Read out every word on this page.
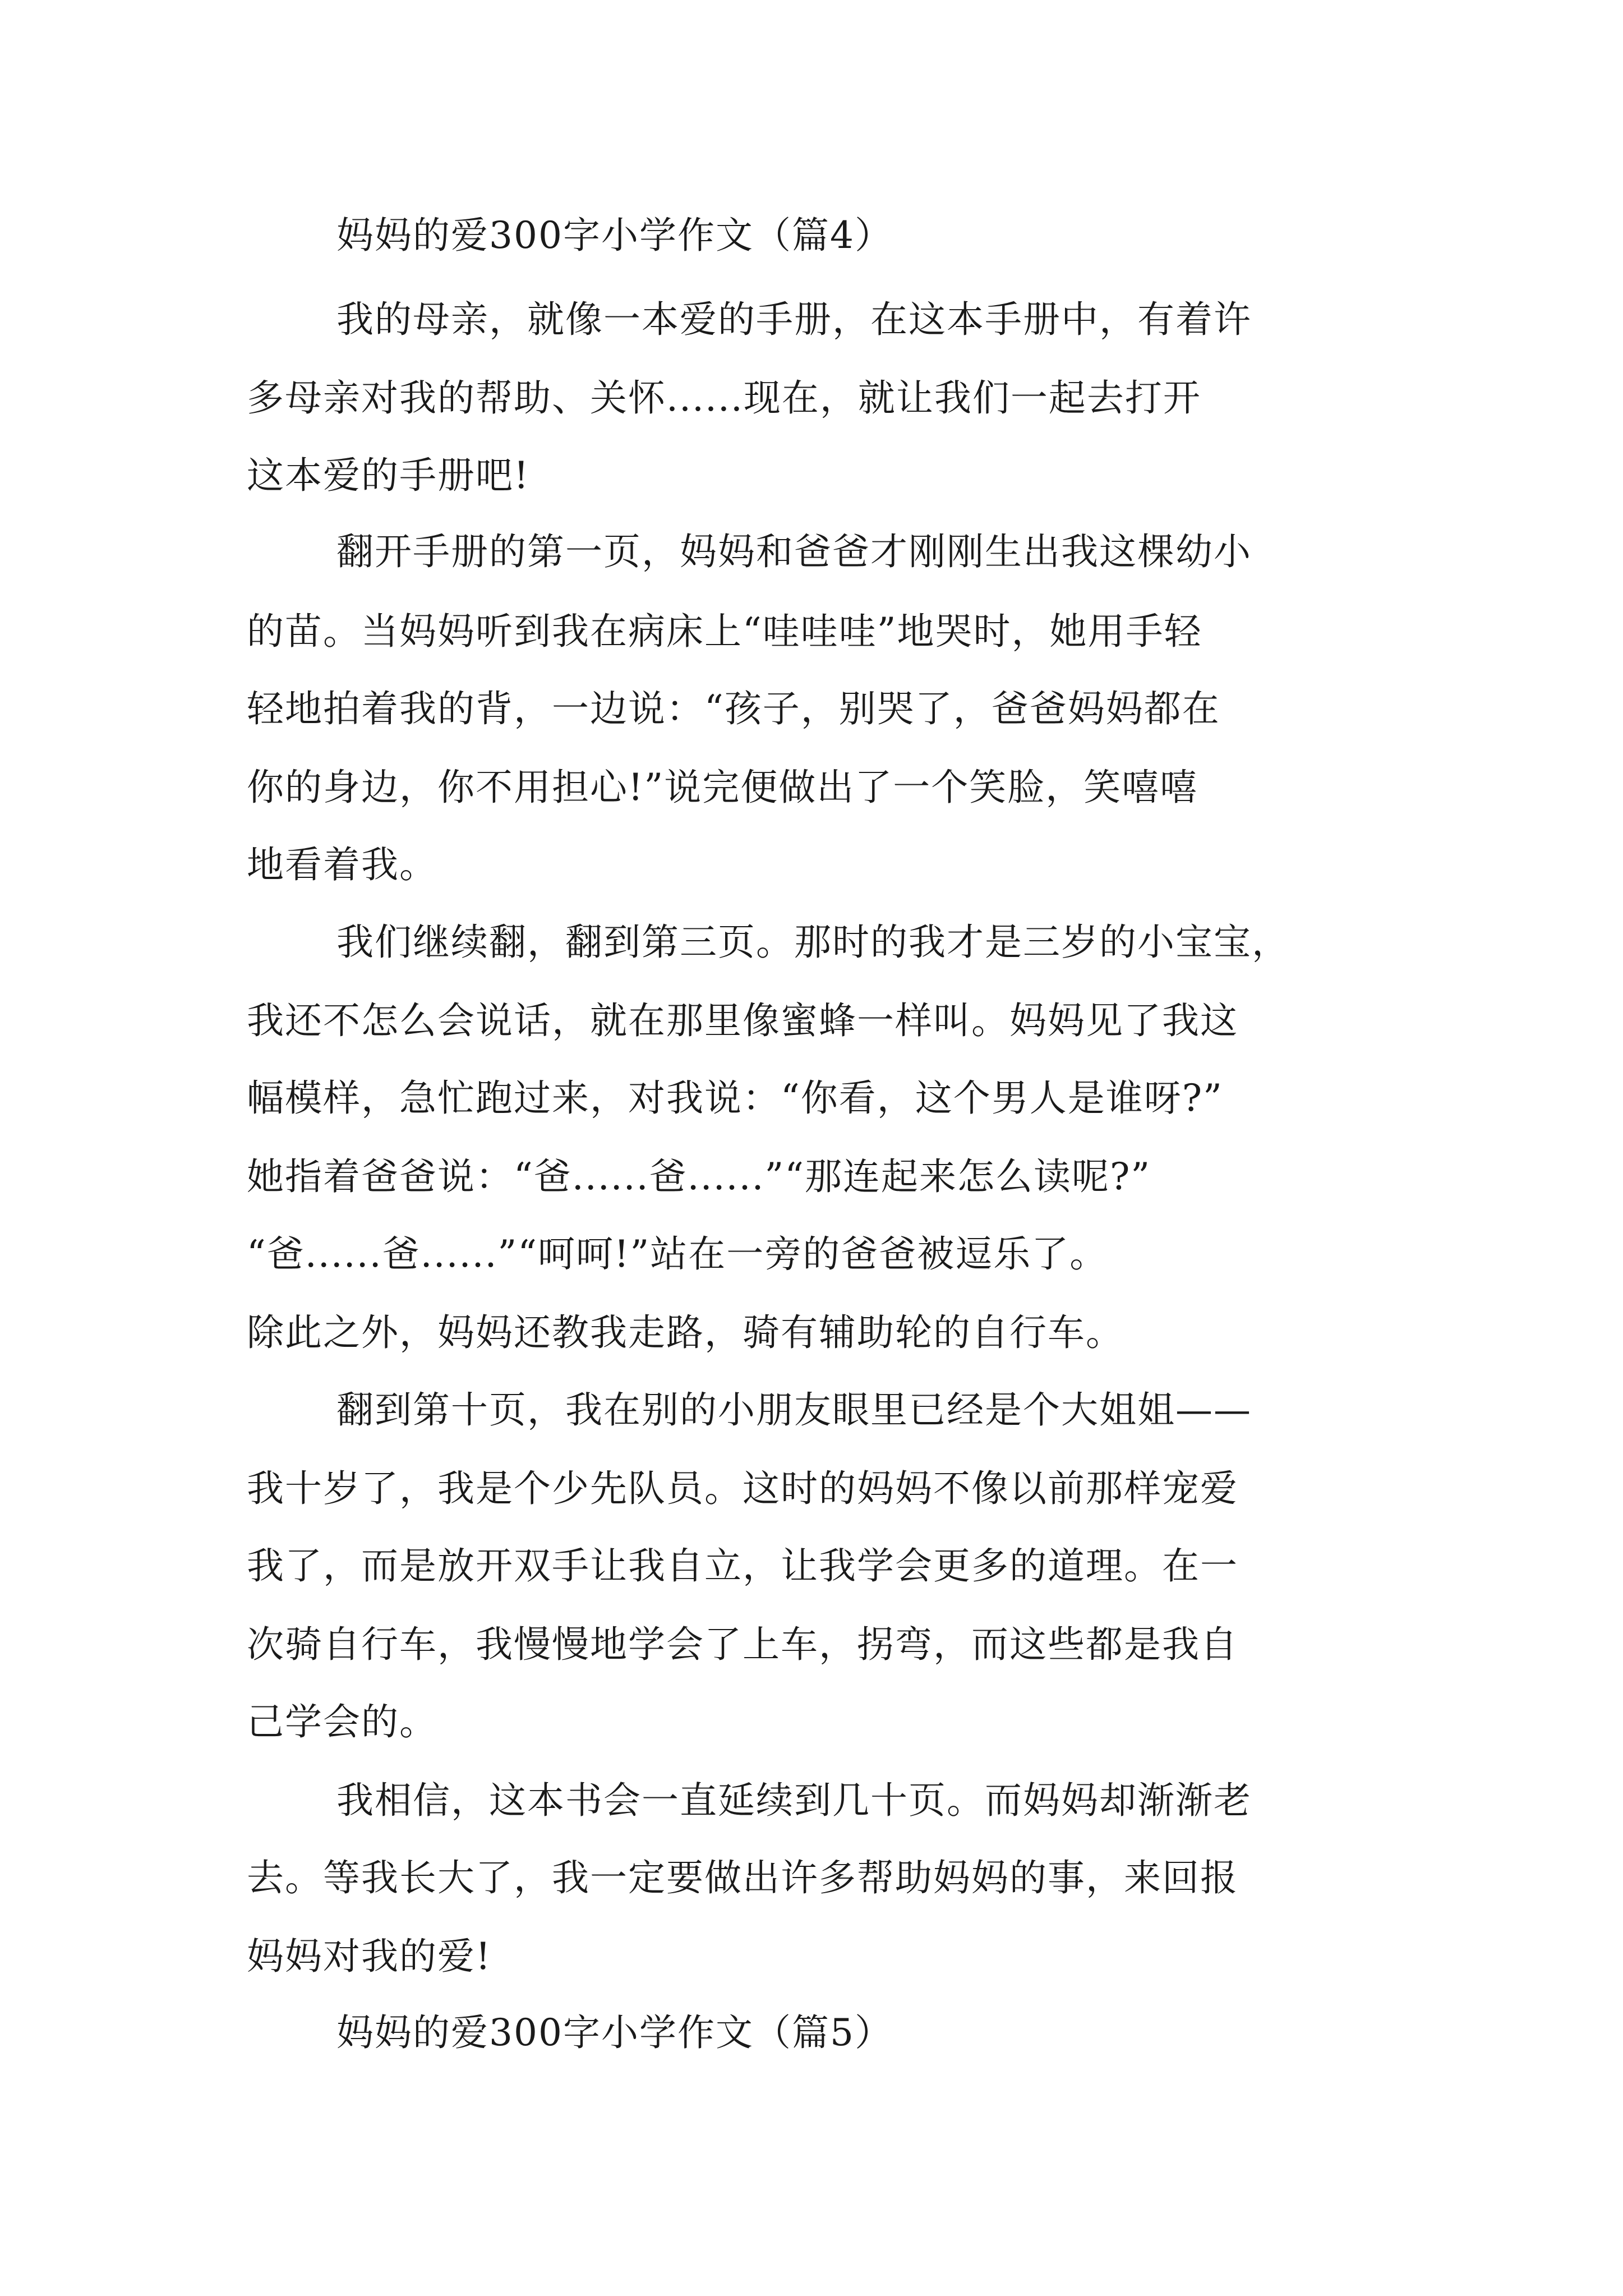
妈妈的爱300字小学作文（篇4）
我的母亲，就像一本爱的手册，在这本手册中，有着许
多母亲对我的帮助、关怀......现在，就让我们一起去打开
这本爱的手册吧!
翻开手册的第一页，妈妈和爸爸才刚刚生出我这棵幼小
的苗。当妈妈听到我在病床上“哇哇哇”地哭时，她用手轻
轻地拍着我的背，一边说：“孩子，别哭了，爸爸妈妈都在
你的身边，你不用担心!”说完便做出了一个笑脸，笑嘻嘻
地看着我。
我们继续翻，翻到第三页。那时的我才是三岁的小宝宝，
我还不怎么会说话，就在那里像蜜蜂一样叫。妈妈见了我这
幅模样，急忙跑过来，对我说：“你看，这个男人是谁呀?”
她指着爸爸说：“爸......爸......”“那连起来怎么读呢?”
“爸......爸......”“呵呵!”站在一旁的爸爸被逗乐了。
除此之外，妈妈还教我走路，骑有辅助轮的自行车。
翻到第十页，我在别的小朋友眼里已经是个大姐姐——
我十岁了，我是个少先队员。这时的妈妈不像以前那样宠爱
我了，而是放开双手让我自立，让我学会更多的道理。在一
次骑自行车，我慢慢地学会了上车，拐弯，而这些都是我自
己学会的。
我相信，这本书会一直延续到几十页。而妈妈却渐渐老
去。等我长大了，我一定要做出许多帮助妈妈的事，来回报
妈妈对我的爱!
妈妈的爱300字小学作文（篇5）
